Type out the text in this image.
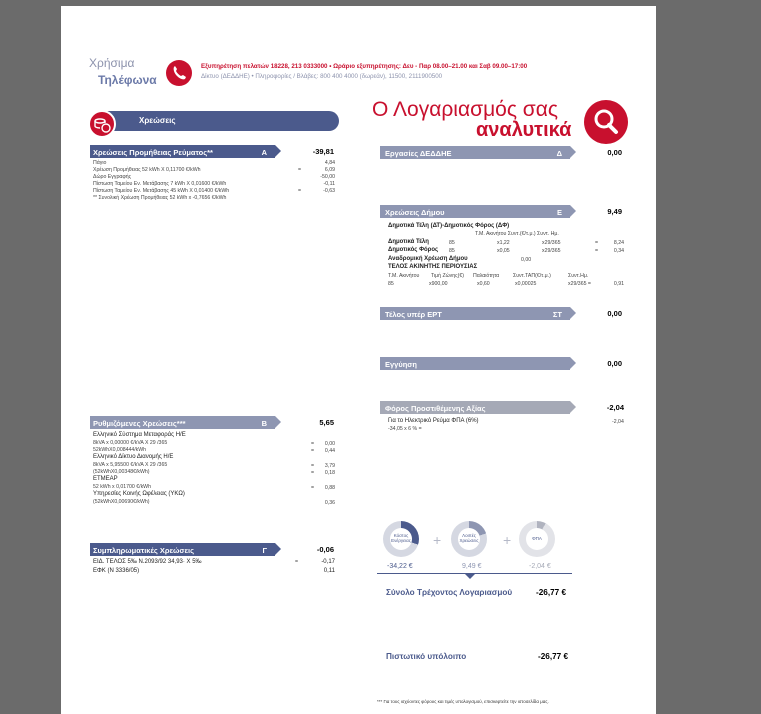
Χρήσιμα
Τηλέφωνα
Εξυπηρέτηση πελατών 18228, 213 0333000 • Ωράριο εξυπηρέτησης: Δευ - Παρ 08.00–21.00 και Σαβ 09.00–17:00
Δίκτυο (ΔΕΔΔΗΕ) • Πληροφορίες / Βλάβες: 800 400 4000 (δωρεάν), 11500, 2111900500
Ο Λογαριασμός σας
αναλυτικά
Χρεώσεις
Χρεώσεις Προμήθειας Ρεύματος**	Α	-39,81
Πάγιο	4,84
Χρέωση Προμήθειας 52 kWh X 0,11700 €/kWh	=	6,09
Δώρο Εγγραφής	-50,00
Πίστωση Ταμείου Εν. Μετάβασης 7 kWh X 0,01600 €/kWh	-0,11
Πίστωση Ταμείου Εν. Μετάβασης 45 kWh X 0,01400 €/kWh	=	-0,63
** Συνολική Χρέωση Προμήθειας 52 kWh x -0,7656 €/kWh
Ρυθμιζόμενες Χρεώσεις***	Β	5,65
Ελληνικό Σύστημα Μεταφοράς Η/Ε
8kVA x 0,00000 €/kVA X 29 /365	= 0,00
52kWhX0,008444/kWh	= 0,44
Ελληνικό Δίκτυο Διανομής Η/Ε
8kVA x 5,95500 €/kVA X 29 /365	= 3,79
(52kWhX0,00348€/kWh)	= 0,18
ΕΤΜΕΑΡ
52 kWh x 0,01700 €/kWh	= 0,88
Υπηρεσίες Κοινής Ωφέλειας (ΥΚΩ)
(52kWhX0,00690€/kWh)	0,36
Συμπληρωματικές Χρεώσεις	Γ	-0,06
ΕΙΔ. ΤΕΛΟΣ 5‰ Ν.2093/92 34,93· X 5‰	=	-0,17
ΕΦΚ (Ν 3336/05)	0,11
Εργασίες ΔΕΔΔΗΕ	Δ	0,00
Χρεώσεις Δήμου	Ε	9,49
Δημοτικά Τέλη (ΔΤ)-Δημοτικός Φόρος (ΔΦ)
Τ.Μ. Ακινήτου Συντ.(€/τ.μ.) Συντ. Ημ.
Δημοτικά Τέλη	85	x1,22	x29/365	=	8,24
Δημοτικός Φόρος 85	x0,05	x29/365	=	0,34
Αναδρομική Χρέωση Δήμου	0,00
ΤΕΛΟΣ ΑΚΙΝΗΤΗΣ ΠΕΡΙΟΥΣΙΑΣ
Τ.Μ. Ακινήτου Τιμή Ζώνης(€) Παλαιότητα	Συντ.ΤΑΠ(€/τ.μ.)	Συντ.Ημ.
85	x900,00	x0,60	x0,00025	x29/365 =	0,91
Τέλος υπέρ ΕΡΤ	ΣΤ	0,00
Εγγύηση	0,00
Φόρος Προστιθέμενης Αξίας	-2,04
Για το Ηλεκτρικό Ρεύμα ΦΠΑ (6%)	-2,04
-34,05 x 6 % =
Κόστος Ενέργειας +	Λοιπές Χρεώσεις +	ΦΠΑ
-34,22 €	9,49 €	-2,04 €
Σύνολο Τρέχοντος Λογαριασμού	-26,77 €
Πιστωτικό υπόλοιπο	-26,77 €
*** Για τους ισχύοντες φόρους και τιμές υπολογισμού, επισκεφτείτε την ιστοσελίδα μας.
